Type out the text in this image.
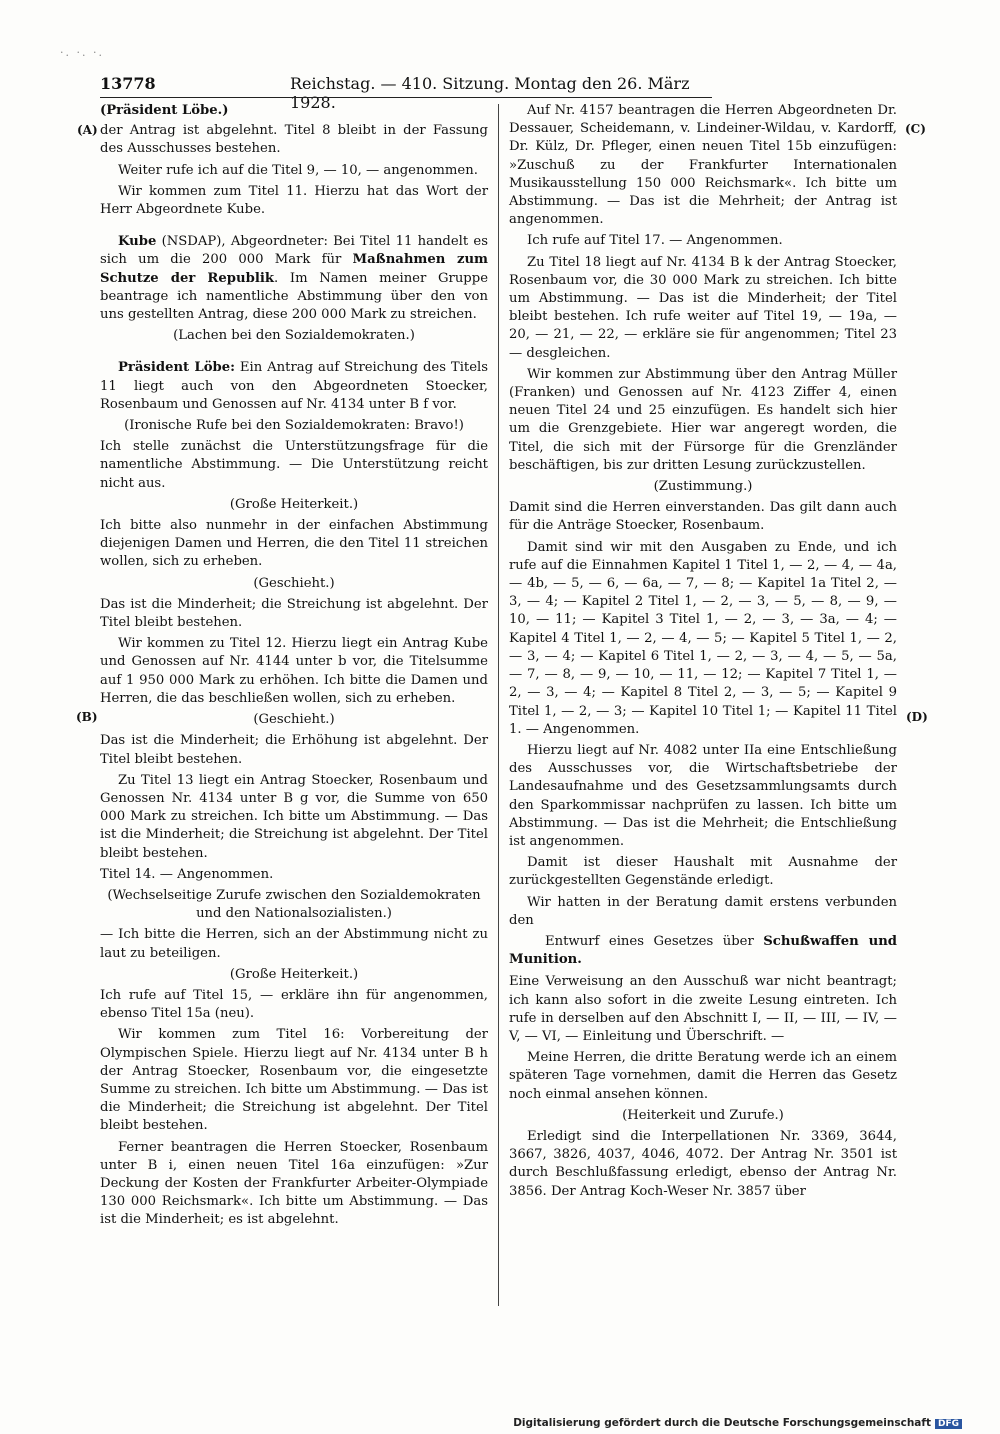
·. ·. ·.
13778	Reichstag. — 410. Sitzung. Montag den 26. März 1928.
(A)
(B)
(C)
(D)

(Präsident Löbe.)

der Antrag ist abgelehnt. Titel 8 bleibt in der Fassung des Ausschusses bestehen.

Weiter rufe ich auf die Titel 9, — 10, — angenommen.

Wir kommen zum Titel 11. Hierzu hat das Wort der Herr Abgeordnete Kube.

Kube (NSDAP), Abgeordneter: Bei Titel 11 handelt es sich um die 200 000 Mark für Maßnahmen zum Schutze der Republik. Im Namen meiner Gruppe beantrage ich namentliche Abstimmung über den von uns gestellten Antrag, diese 200 000 Mark zu streichen.

(Lachen bei den Sozialdemokraten.)

Präsident Löbe: Ein Antrag auf Streichung des Titels 11 liegt auch von den Abgeordneten Stoecker, Rosenbaum und Genossen auf Nr. 4134 unter B f vor.

(Ironische Rufe bei den Sozialdemokraten: Bravo!)

Ich stelle zunächst die Unterstützungsfrage für die namentliche Abstimmung. — Die Unterstützung reicht nicht aus.

(Große Heiterkeit.)

Ich bitte also nunmehr in der einfachen Abstimmung diejenigen Damen und Herren, die den Titel 11 streichen wollen, sich zu erheben.

(Geschieht.)

Das ist die Minderheit; die Streichung ist abgelehnt. Der Titel bleibt bestehen.

Wir kommen zu Titel 12. Hierzu liegt ein Antrag Kube und Genossen auf Nr. 4144 unter b vor, die Titelsumme auf 1 950 000 Mark zu erhöhen. Ich bitte die Damen und Herren, die das beschließen wollen, sich zu erheben.

(Geschieht.)

Das ist die Minderheit; die Erhöhung ist abgelehnt. Der Titel bleibt bestehen.

Zu Titel 13 liegt ein Antrag Stoecker, Rosenbaum und Genossen Nr. 4134 unter B g vor, die Summe von 650 000 Mark zu streichen. Ich bitte um Abstimmung. — Das ist die Minderheit; die Streichung ist abgelehnt. Der Titel bleibt bestehen.

Titel 14. — Angenommen.

(Wechselseitige Zurufe zwischen den Sozialdemokraten und den Nationalsozialisten.)

— Ich bitte die Herren, sich an der Abstimmung nicht zu laut zu beteiligen.

(Große Heiterkeit.)

Ich rufe auf Titel 15, — erkläre ihn für angenommen, ebenso Titel 15a (neu).

Wir kommen zum Titel 16: Vorbereitung der Olympischen Spiele. Hierzu liegt auf Nr. 4134 unter B h der Antrag Stoecker, Rosenbaum vor, die eingesetzte Summe zu streichen. Ich bitte um Abstimmung. — Das ist die Minderheit; die Streichung ist abgelehnt. Der Titel bleibt bestehen.

Ferner beantragen die Herren Stoecker, Rosenbaum unter B i, einen neuen Titel 16a einzufügen: »Zur Deckung der Kosten der Frankfurter Arbeiter-Olympiade 130 000 Reichsmark«. Ich bitte um Abstimmung. — Das ist die Minderheit; es ist abgelehnt.

Auf Nr. 4157 beantragen die Herren Abgeordneten Dr. Dessauer, Scheidemann, v. Lindeiner-Wildau, v. Kardorff, Dr. Külz, Dr. Pfleger, einen neuen Titel 15b einzufügen: »Zuschuß zu der Frankfurter Internationalen Musikausstellung 150 000 Reichsmark«. Ich bitte um Abstimmung. — Das ist die Mehrheit; der Antrag ist angenommen.

Ich rufe auf Titel 17. — Angenommen.

Zu Titel 18 liegt auf Nr. 4134 B k der Antrag Stoecker, Rosenbaum vor, die 30 000 Mark zu streichen. Ich bitte um Abstimmung. — Das ist die Minderheit; der Titel bleibt bestehen. Ich rufe weiter auf Titel 19, — 19a, — 20, — 21, — 22, — erkläre sie für angenommen; Titel 23 — desgleichen.

Wir kommen zur Abstimmung über den Antrag Müller (Franken) und Genossen auf Nr. 4123 Ziffer 4, einen neuen Titel 24 und 25 einzufügen. Es handelt sich hier um die Grenzgebiete. Hier war angeregt worden, die Titel, die sich mit der Fürsorge für die Grenzländer beschäftigen, bis zur dritten Lesung zurückzustellen.

(Zustimmung.)

Damit sind die Herren einverstanden. Das gilt dann auch für die Anträge Stoecker, Rosenbaum.

Damit sind wir mit den Ausgaben zu Ende, und ich rufe auf die Einnahmen Kapitel 1 Titel 1, — 2, — 4, — 4a, — 4b, — 5, — 6, — 6a, — 7, — 8; — Kapitel 1a Titel 2, — 3, — 4; — Kapitel 2 Titel 1, — 2, — 3, — 5, — 8, — 9, — 10, — 11; — Kapitel 3 Titel 1, — 2, — 3, — 3a, — 4; — Kapitel 4 Titel 1, — 2, — 4, — 5; — Kapitel 5 Titel 1, — 2, — 3, — 4; — Kapitel 6 Titel 1, — 2, — 3, — 4, — 5, — 5a, — 7, — 8, — 9, — 10, — 11, — 12; — Kapitel 7 Titel 1, — 2, — 3, — 4; — Kapitel 8 Titel 2, — 3, — 5; — Kapitel 9 Titel 1, — 2, — 3; — Kapitel 10 Titel 1; — Kapitel 11 Titel 1. — Angenommen.

Hierzu liegt auf Nr. 4082 unter IIa eine Entschließung des Ausschusses vor, die Wirtschaftsbetriebe der Landesaufnahme und des Gesetzsammlungsamts durch den Sparkommissar nachprüfen zu lassen. Ich bitte um Abstimmung. — Das ist die Mehrheit; die Entschließung ist angenommen.

Damit ist dieser Haushalt mit Ausnahme der zurückgestellten Gegenstände erledigt.

Wir hatten in der Beratung damit erstens verbunden den

Entwurf eines Gesetzes über Schußwaffen und Munition.

Eine Verweisung an den Ausschuß war nicht beantragt; ich kann also sofort in die zweite Lesung eintreten. Ich rufe in derselben auf den Abschnitt I, — II, — III, — IV, — V, — VI, — Einleitung und Überschrift. —

Meine Herren, die dritte Beratung werde ich an einem späteren Tage vornehmen, damit die Herren das Gesetz noch einmal ansehen können.

(Heiterkeit und Zurufe.)

Erledigt sind die Interpellationen Nr. 3369, 3644, 3667, 3826, 4037, 4046, 4072. Der Antrag Nr. 3501 ist durch Beschlußfassung erledigt, ebenso der Antrag Nr. 3856. Der Antrag Koch-Weser Nr. 3857 über

Digitalisierung gefördert durch die Deutsche Forschungsgemeinschaft DFG
